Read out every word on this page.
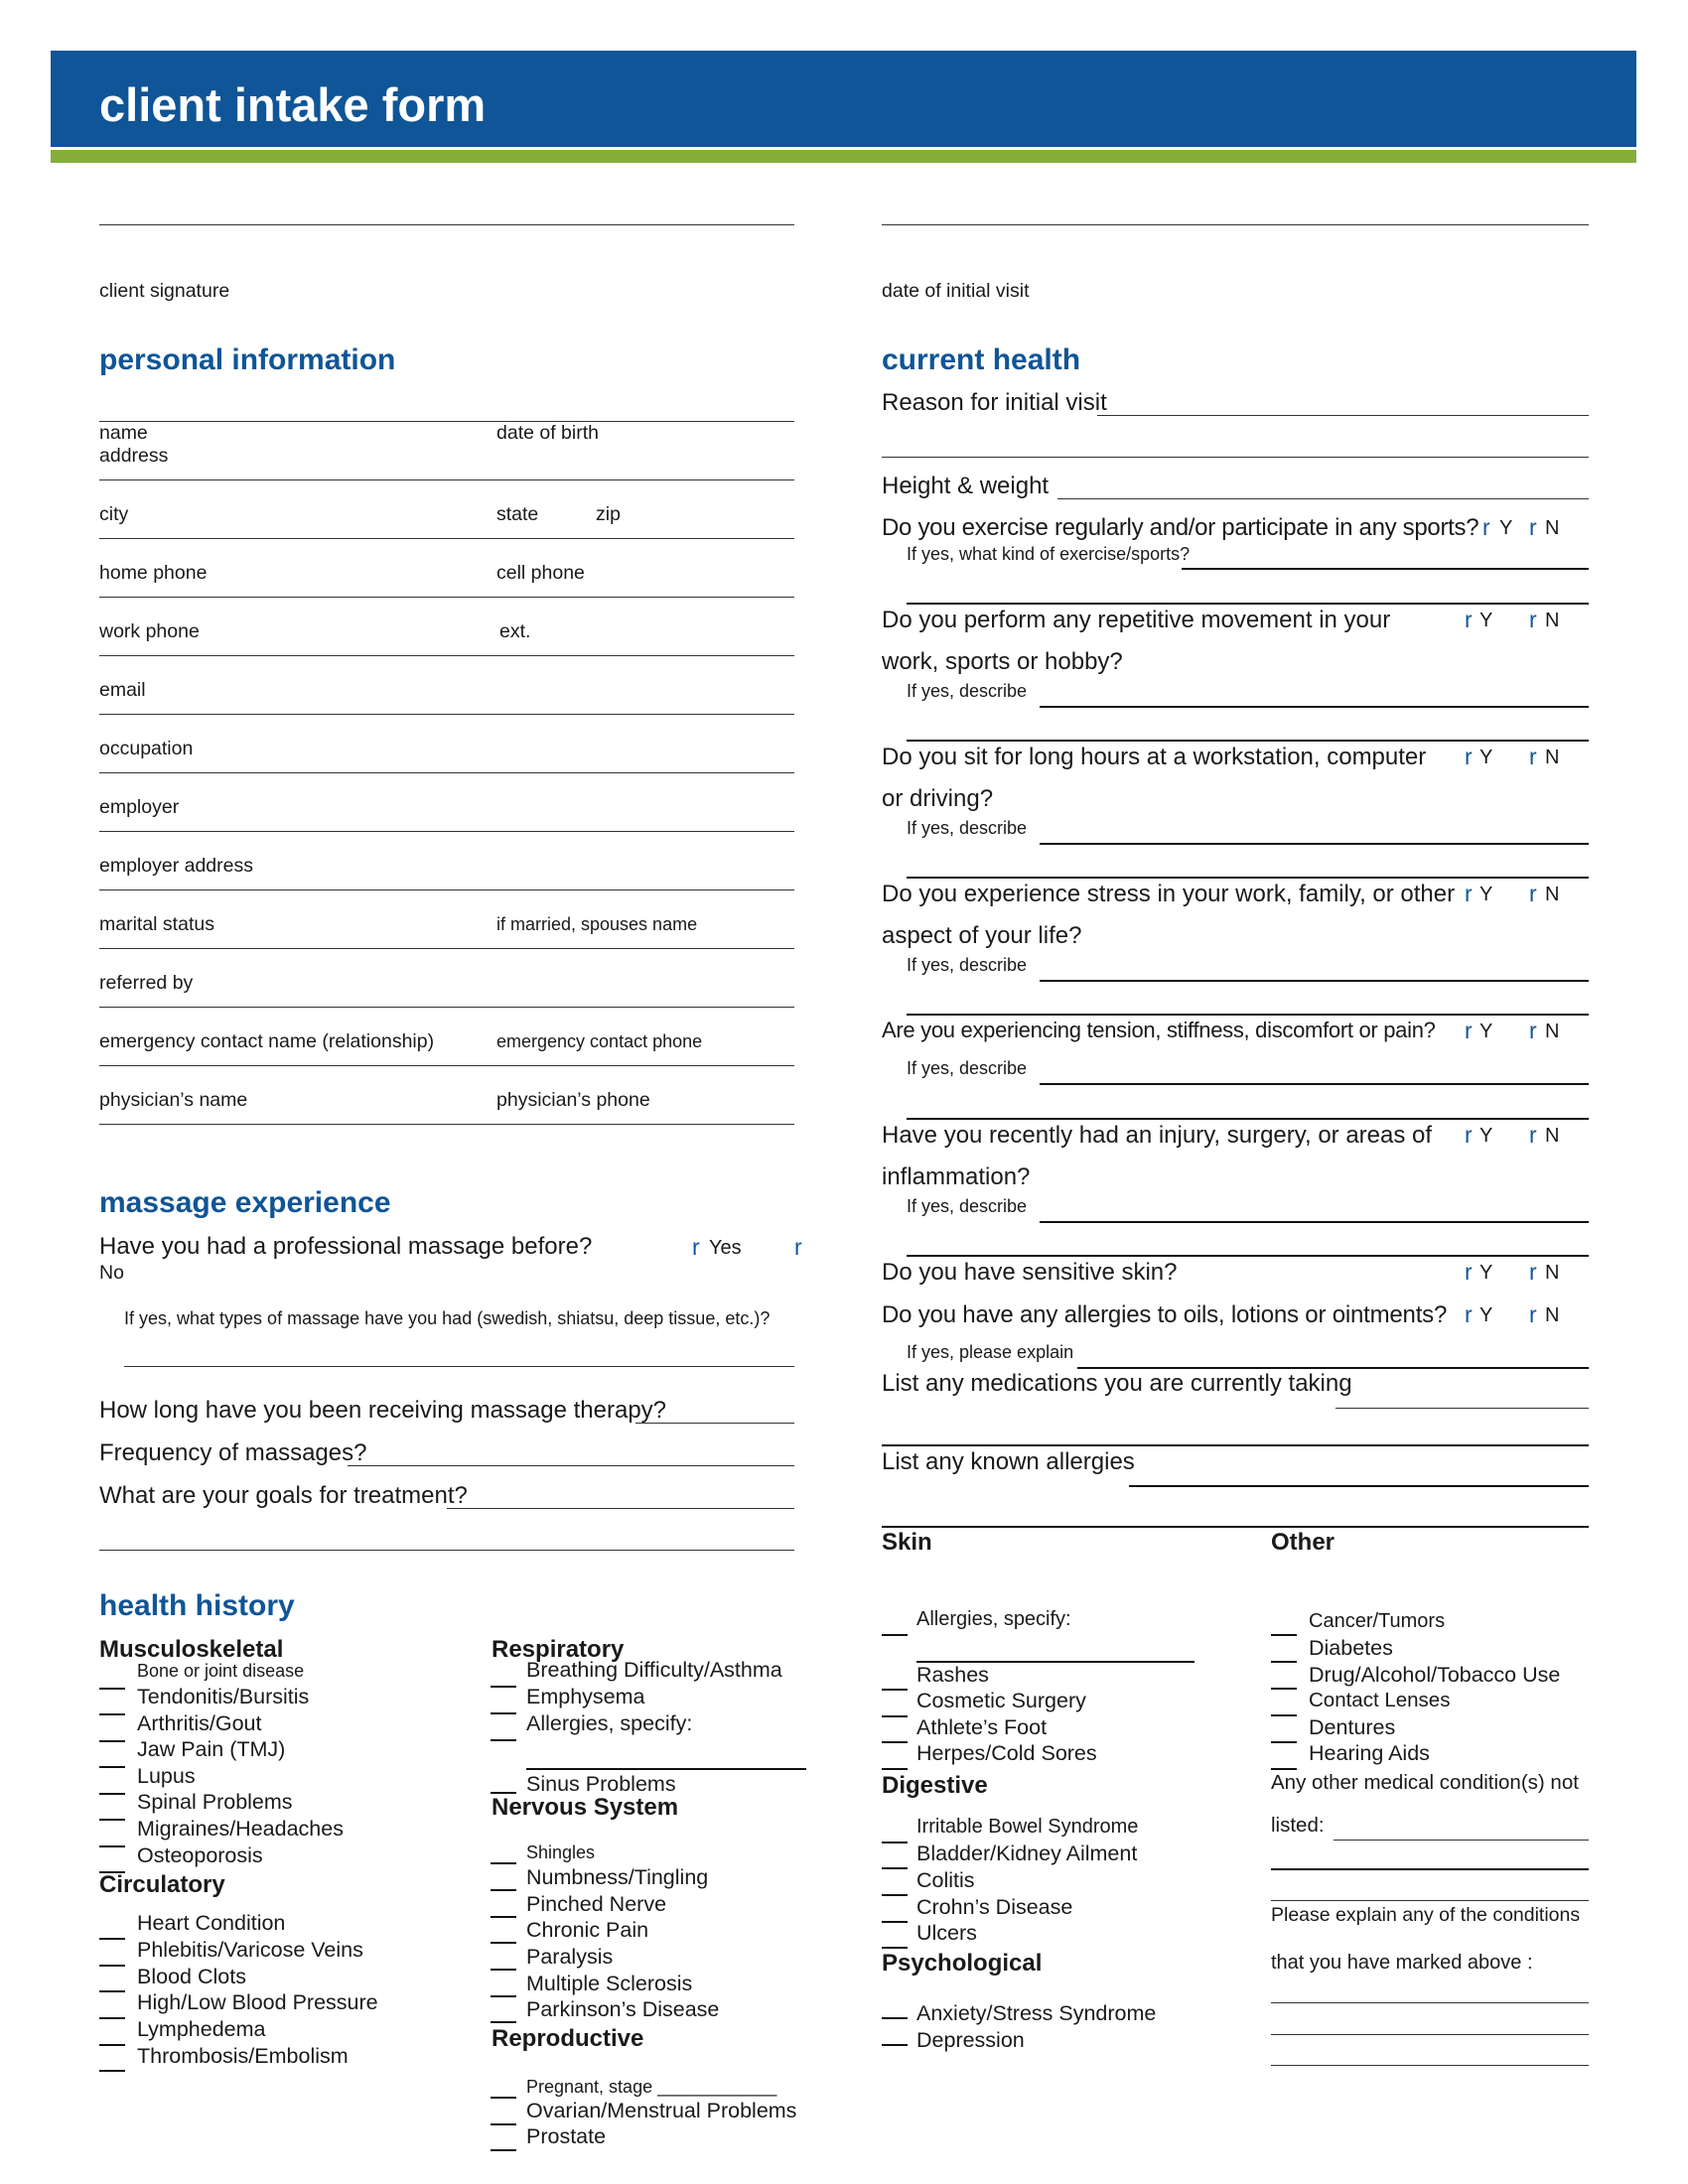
client intake form
client signature	date of initial visit
personal information
name	date of birth
address
city	state	zip
home phone	cell phone
work phone	ext.
email
occupation
employer
employer address
marital status	if married, spouses name
referred by
emergency contact name (relationship)	emergency contact phone
physician’s name	physician’s phone
massage experience
Have you had a professional massage before?	r Yes r
No
If yes, what types of massage have you had (swedish, shiatsu, deep tissue, etc.)?
How long have you been receiving massage therapy?
Frequency of massages?
What are your goals for treatment?
health history
Musculoskeletal
Bone or joint disease
Tendonitis/Bursitis
Arthritis/Gout
Jaw Pain (TMJ)
Lupus
Spinal Problems
Migraines/Headaches
Osteoporosis
Circulatory
Heart Condition
Phlebitis/Varicose Veins
Blood Clots
High/Low Blood Pressure
Lymphedema
Thrombosis/Embolism
Respiratory
Breathing Difficulty/Asthma
Emphysema
Allergies, specify:
Sinus Problems
Nervous System
Shingles
Numbness/Tingling
Pinched Nerve
Chronic Pain
Paralysis
Multiple Sclerosis
Parkinson’s Disease
Reproductive
Pregnant, stage ____________
Ovarian/Menstrual Problems
Prostate
current health
Reason for initial visit
Height & weight
Do you exercise regularly and/or participate in any sports? r Y r N
If yes, what kind of exercise/sports?
Do you perform any repetitive movement in your	r Y r N
work, sports or hobby?
If yes, describe
Do you sit for long hours at a workstation, computer r Y r N
or driving?
If yes, describe
Do you experience stress in your work, family, or other r Y r N
aspect of your life?
If yes, describe
Are you experiencing tension, stiffness, discomfort or pain? r Y r N
If yes, describe
Have you recently had an injury, surgery, or areas of r Y r N
inflammation?
If yes, describe
Do you have sensitive skin?	r Y r N
Do you have any allergies to oils, lotions or ointments? r Y r N
If yes, please explain
List any medications you are currently taking
List any known allergies
Skin
Allergies, specify:
Rashes
Cosmetic Surgery
Athlete’s Foot
Herpes/Cold Sores
Digestive
Irritable Bowel Syndrome
Bladder/Kidney Ailment
Colitis
Crohn’s Disease
Ulcers
Psychological
Anxiety/Stress Syndrome
Depression
Other
Cancer/Tumors
Diabetes
Drug/Alcohol/Tobacco Use
Contact Lenses
Dentures
Hearing Aids
Any other medical condition(s) not
listed:
Please explain any of the conditions
that you have marked above :
